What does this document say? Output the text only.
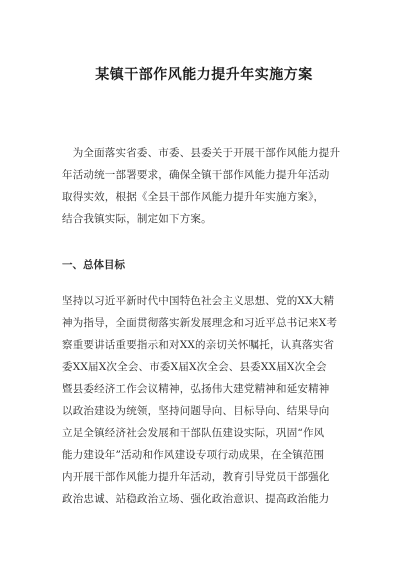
某镇干部作风能力提升年实施方案

　为全面落实省委、市委、县委关于开展干部作风能力提升
年活动统一部署要求，确保全镇干部作风能力提升年活动
取得实效，根据《全县干部作风能力提升年实施方案》，
结合我镇实际，制定如下方案。

一、总体目标

坚持以习近平新时代中国特色社会主义思想、党的XX大精
神为指导，全面贯彻落实新发展理念和习近平总书记来X考
察重要讲话重要指示和对XX的亲切关怀嘱托，认真落实省
委XX届X次全会、市委X届X次全会、县委XX届X次全会
暨县委经济工作会议精神，弘扬伟大建党精神和延安精神
以政治建设为统领，坚持问题导向、目标导向、结果导向
立足全镇经济社会发展和干部队伍建设实际，巩固“作风
能力建设年”活动和作风建设专项行动成果，在全镇范围
内开展干部作风能力提升年活动，教育引导党员干部强化
政治忠诚、站稳政治立场、强化政治意识、提高政治能力
